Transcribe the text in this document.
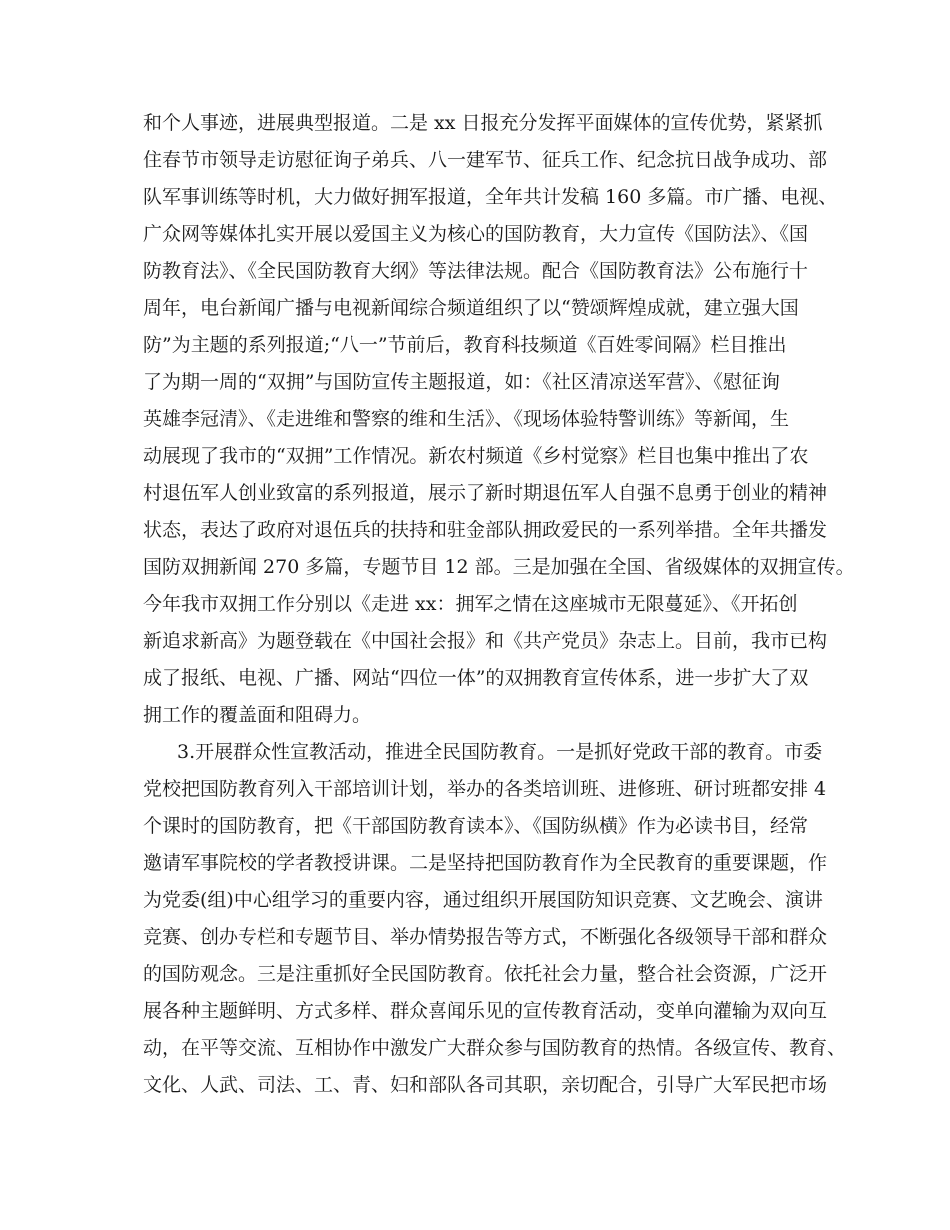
和个人事迹，进展典型报道。二是 xx 日报充分发挥平面媒体的宣传优势，紧紧抓
住春节市领导走访慰征询子弟兵、八一建军节、征兵工作、纪念抗日战争成功、部
队军事训练等时机，大力做好拥军报道，全年共计发稿 160 多篇。市广播、电视、
广众网等媒体扎实开展以爱国主义为核心的国防教育，大力宣传《国防法》、《国
防教育法》、《全民国防教育大纲》等法律法规。配合《国防教育法》公布施行十
周年，电台新闻广播与电视新闻综合频道组织了以“赞颂辉煌成就，建立强大国
防”为主题的系列报道;“八一”节前后，教育科技频道《百姓零间隔》栏目推出
了为期一周的“双拥”与国防宣传主题报道，如：《社区清凉送军营》、《慰征询
英雄李冠清》、《走进维和警察的维和生活》、《现场体验特警训练》等新闻，生
动展现了我市的“双拥”工作情况。新农村频道《乡村觉察》栏目也集中推出了农
村退伍军人创业致富的系列报道，展示了新时期退伍军人自强不息勇于创业的精神
状态，表达了政府对退伍兵的扶持和驻金部队拥政爱民的一系列举措。全年共播发
国防双拥新闻 270 多篇，专题节目 12 部。三是加强在全国、省级媒体的双拥宣传。
今年我市双拥工作分别以《走进 xx：拥军之情在这座城市无限蔓延》、《开拓创
新追求新高》为题登载在《中国社会报》和《共产党员》杂志上。目前，我市已构
成了报纸、电视、广播、网站“四位一体”的双拥教育宣传体系，进一步扩大了双
拥工作的覆盖面和阻碍力。
3.开展群众性宣教活动，推进全民国防教育。一是抓好党政干部的教育。市委
党校把国防教育列入干部培训计划，举办的各类培训班、进修班、研讨班都安排 4
个课时的国防教育，把《干部国防教育读本》、《国防纵横》作为必读书目，经常
邀请军事院校的学者教授讲课。二是坚持把国防教育作为全民教育的重要课题，作
为党委(组)中心组学习的重要内容，通过组织开展国防知识竞赛、文艺晚会、演讲
竞赛、创办专栏和专题节目、举办情势报告等方式，不断强化各级领导干部和群众
的国防观念。三是注重抓好全民国防教育。依托社会力量，整合社会资源，广泛开
展各种主题鲜明、方式多样、群众喜闻乐见的宣传教育活动，变单向灌输为双向互
动，在平等交流、互相协作中激发广大群众参与国防教育的热情。各级宣传、教育、
文化、人武、司法、工、青、妇和部队各司其职，亲切配合，引导广大军民把市场
